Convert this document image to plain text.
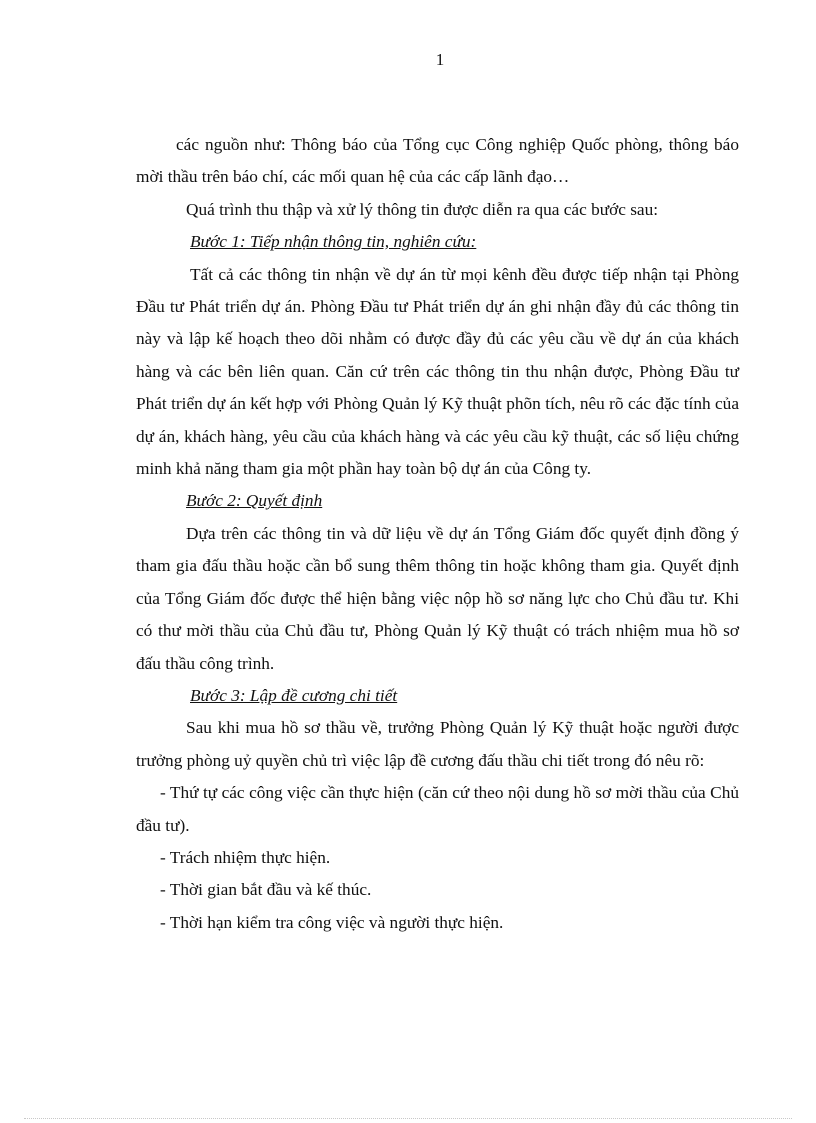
1

các nguồn như: Thông báo của Tổng cục Công nghiệp Quốc phòng, thông báo mời thầu trên báo chí, các mối quan hệ của các cấp lãnh đạo…

Quá trình thu thập và xử lý thông tin được diễn ra qua các bước sau:

Bước 1: Tiếp nhận thông tin, nghiên cứu:

Tất cả các thông tin nhận về dự án từ mọi kênh đều được tiếp nhận tại Phòng Đầu tư Phát triển dự án. Phòng Đầu tư Phát triển dự án ghi nhận đầy đủ các thông tin này và lập kế hoạch theo dõi nhằm có được đầy đủ các yêu cầu về dự án của khách hàng và các bên liên quan. Căn cứ trên các thông tin thu nhận được, Phòng Đầu tư Phát triển dự án kết hợp với Phòng Quản lý Kỹ thuật phõn tích, nêu rõ các đặc tính của dự án, khách hàng, yêu cầu của khách hàng và các yêu cầu kỹ thuật, các số liệu chứng minh khả năng tham gia một phần hay toàn bộ dự án của Công ty.

Bước 2: Quyết định

Dựa trên các thông tin và dữ liệu về dự án Tổng Giám đốc quyết định đồng ý tham gia đấu thầu hoặc cần bổ sung thêm thông tin hoặc không tham gia. Quyết định của Tổng Giám đốc được thể hiện bằng việc nộp hồ sơ năng lực cho Chủ đầu tư. Khi có thư mời thầu của Chủ đầu tư, Phòng Quản lý Kỹ thuật có trách nhiệm mua hồ sơ đấu thầu công trình.

Bước 3: Lập đề cương chi tiết

Sau khi mua hồ sơ thầu về, trưởng Phòng Quản lý Kỹ thuật hoặc người được trưởng phòng uỷ quyền chủ trì việc lập đề cương đấu thầu chi tiết trong đó nêu rõ:

- Thứ tự các công việc cần thực hiện (căn cứ theo nội dung hồ sơ mời thầu của Chủ đầu tư).

- Trách nhiệm thực hiện.

- Thời gian bắt đầu và kế thúc.

- Thời hạn kiểm tra công việc và người thực hiện.
